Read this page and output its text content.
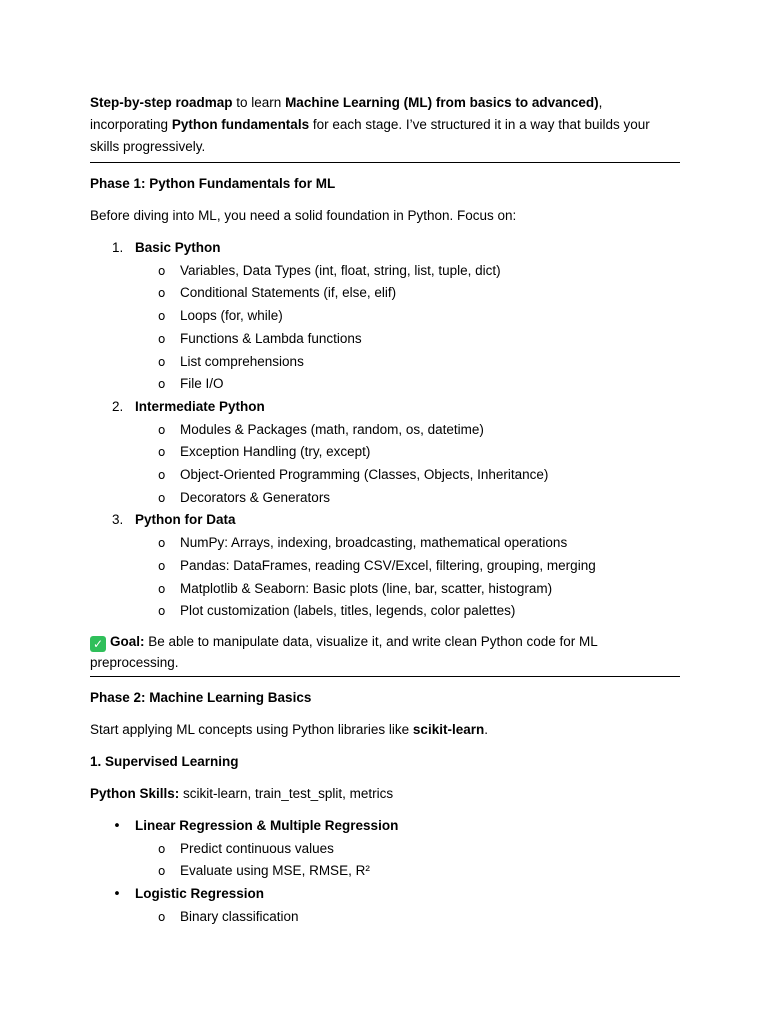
Step-by-step roadmap to learn Machine Learning (ML) from basics to advanced), incorporating Python fundamentals for each stage. I’ve structured it in a way that builds your skills progressively.

Phase 1: Python Fundamentals for ML

Before diving into ML, you need a solid foundation in Python. Focus on:

1. Basic Python
o Variables, Data Types (int, float, string, list, tuple, dict)
o Conditional Statements (if, else, elif)
o Loops (for, while)
o Functions & Lambda functions
o List comprehensions
o File I/O
2. Intermediate Python
o Modules & Packages (math, random, os, datetime)
o Exception Handling (try, except)
o Object-Oriented Programming (Classes, Objects, Inheritance)
o Decorators & Generators
3. Python for Data
o NumPy: Arrays, indexing, broadcasting, mathematical operations
o Pandas: DataFrames, reading CSV/Excel, filtering, grouping, merging
o Matplotlib & Seaborn: Basic plots (line, bar, scatter, histogram)
o Plot customization (labels, titles, legends, color palettes)

✓ Goal: Be able to manipulate data, visualize it, and write clean Python code for ML preprocessing.

Phase 2: Machine Learning Basics

Start applying ML concepts using Python libraries like scikit-learn.

1. Supervised Learning

Python Skills: scikit-learn, train_test_split, metrics

• Linear Regression & Multiple Regression
o Predict continuous values
o Evaluate using MSE, RMSE, R²
• Logistic Regression
o Binary classification
